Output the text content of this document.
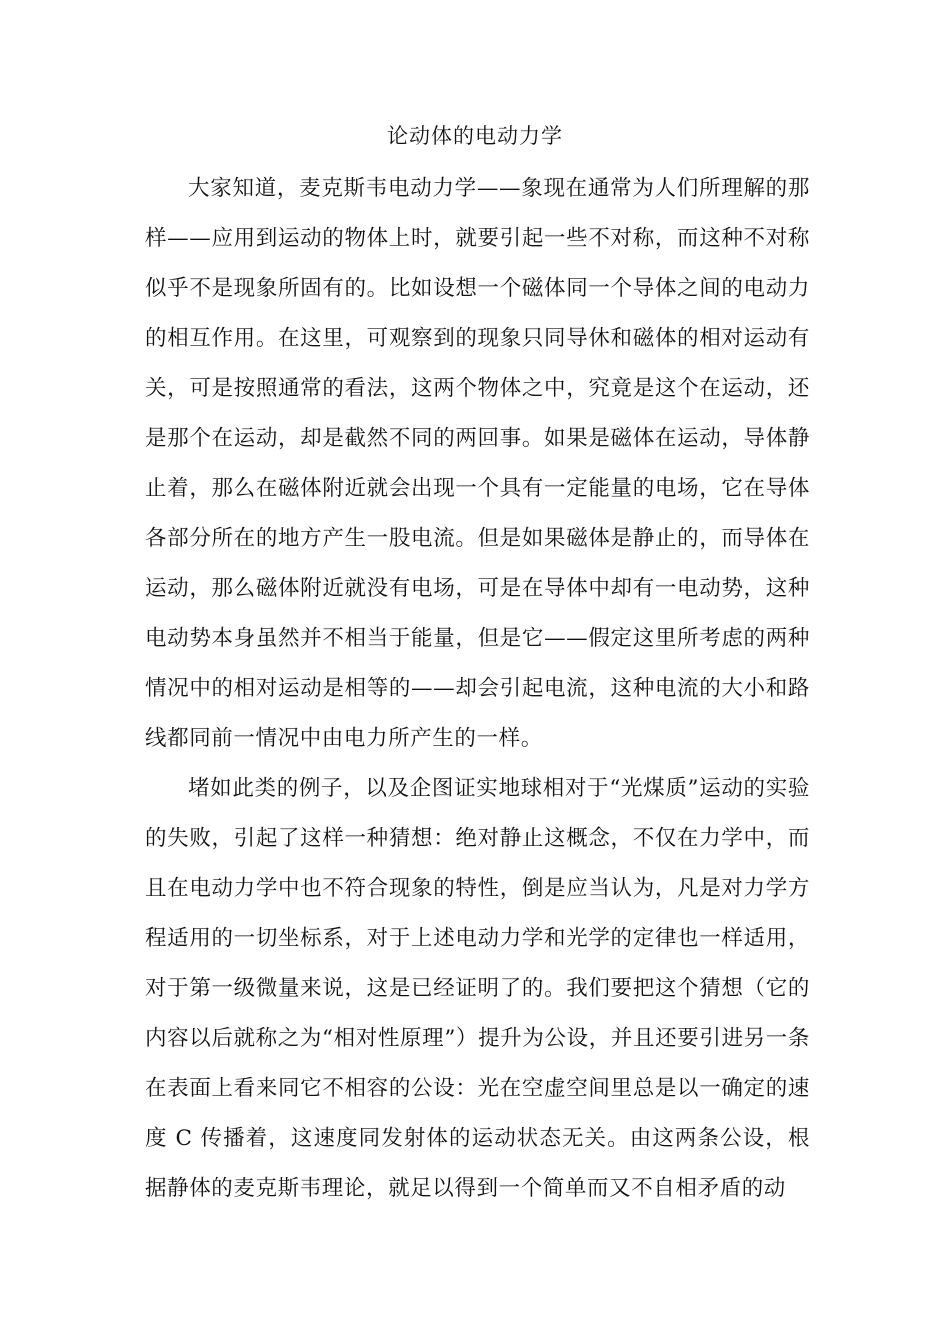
论动体的电动力学

大家知道，麦克斯韦电动力学——象现在通常为人们所理解的那样——应用到运动的物体上时，就要引起一些不对称，而这种不对称似乎不是现象所固有的。比如设想一个磁体同一个导体之间的电动力的相互作用。在这里，可观察到的现象只同导休和磁体的相对运动有关，可是按照通常的看法，这两个物体之中，究竟是这个在运动，还是那个在运动，却是截然不同的两回事。如果是磁体在运动，导体静止着，那么在磁体附近就会出现一个具有一定能量的电场，它在导体各部分所在的地方产生一股电流。但是如果磁体是静止的，而导体在运动，那么磁体附近就没有电场，可是在导体中却有一电动势，这种电动势本身虽然并不相当于能量，但是它——假定这里所考虑的两种情况中的相对运动是相等的——却会引起电流，这种电流的大小和路线都同前一情况中由电力所产生的一样。

堵如此类的例子，以及企图证实地球相对于“光煤质”运动的实验的失败，引起了这样一种猜想：绝对静止这概念，不仅在力学中，而且在电动力学中也不符合现象的特性，倒是应当认为，凡是对力学方程适用的一切坐标系，对于上述电动力学和光学的定律也一样适用，对于第一级微量来说，这是已经证明了的。我们要把这个猜想（它的内容以后就称之为“相对性原理”）提升为公设，并且还要引进另一条在表面上看来同它不相容的公设：光在空虚空间里总是以一确定的速度 C 传播着，这速度同发射体的运动状态无关。由这两条公设，根据静体的麦克斯韦理论，就足以得到一个简单而又不自相矛盾的动
